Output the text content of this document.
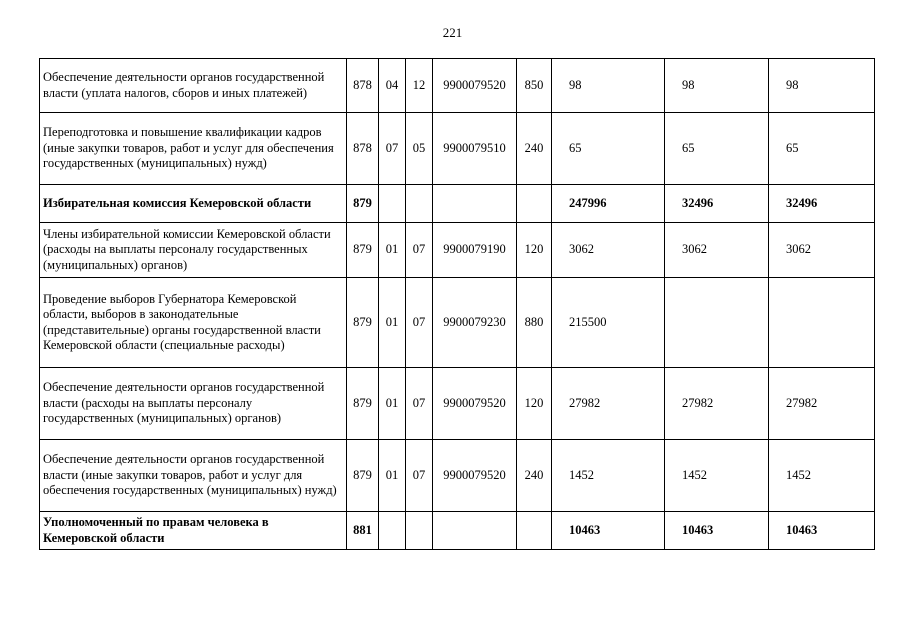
221
Обеспечение деятельности органов государственной власти (уплата налогов, сборов и иных платежей)	878	04	12	9900079520	850	98	98	98
Переподготовка и повышение квалификации кадров (иные закупки товаров, работ и услуг для обеспечения государственных (муниципальных) нужд)	878	07	05	9900079510	240	65	65	65
Избирательная комиссия Кемеровской области	879					247996	32496	32496
Члены избирательной комиссии Кемеровской области (расходы на выплаты персоналу государственных (муниципальных) органов)	879	01	07	9900079190	120	3062	3062	3062
Проведение выборов Губернатора Кемеровской области, выборов в законодательные (представительные) органы государственной власти Кемеровской области (специальные расходы)	879	01	07	9900079230	880	215500		
Обеспечение деятельности органов государственной власти (расходы на выплаты персоналу государственных (муниципальных) органов)	879	01	07	9900079520	120	27982	27982	27982
Обеспечение деятельности органов государственной власти (иные закупки товаров, работ и услуг для обеспечения государственных (муниципальных) нужд)	879	01	07	9900079520	240	1452	1452	1452
Уполномоченный по правам человека в Кемеровской области	881					10463	10463	10463
